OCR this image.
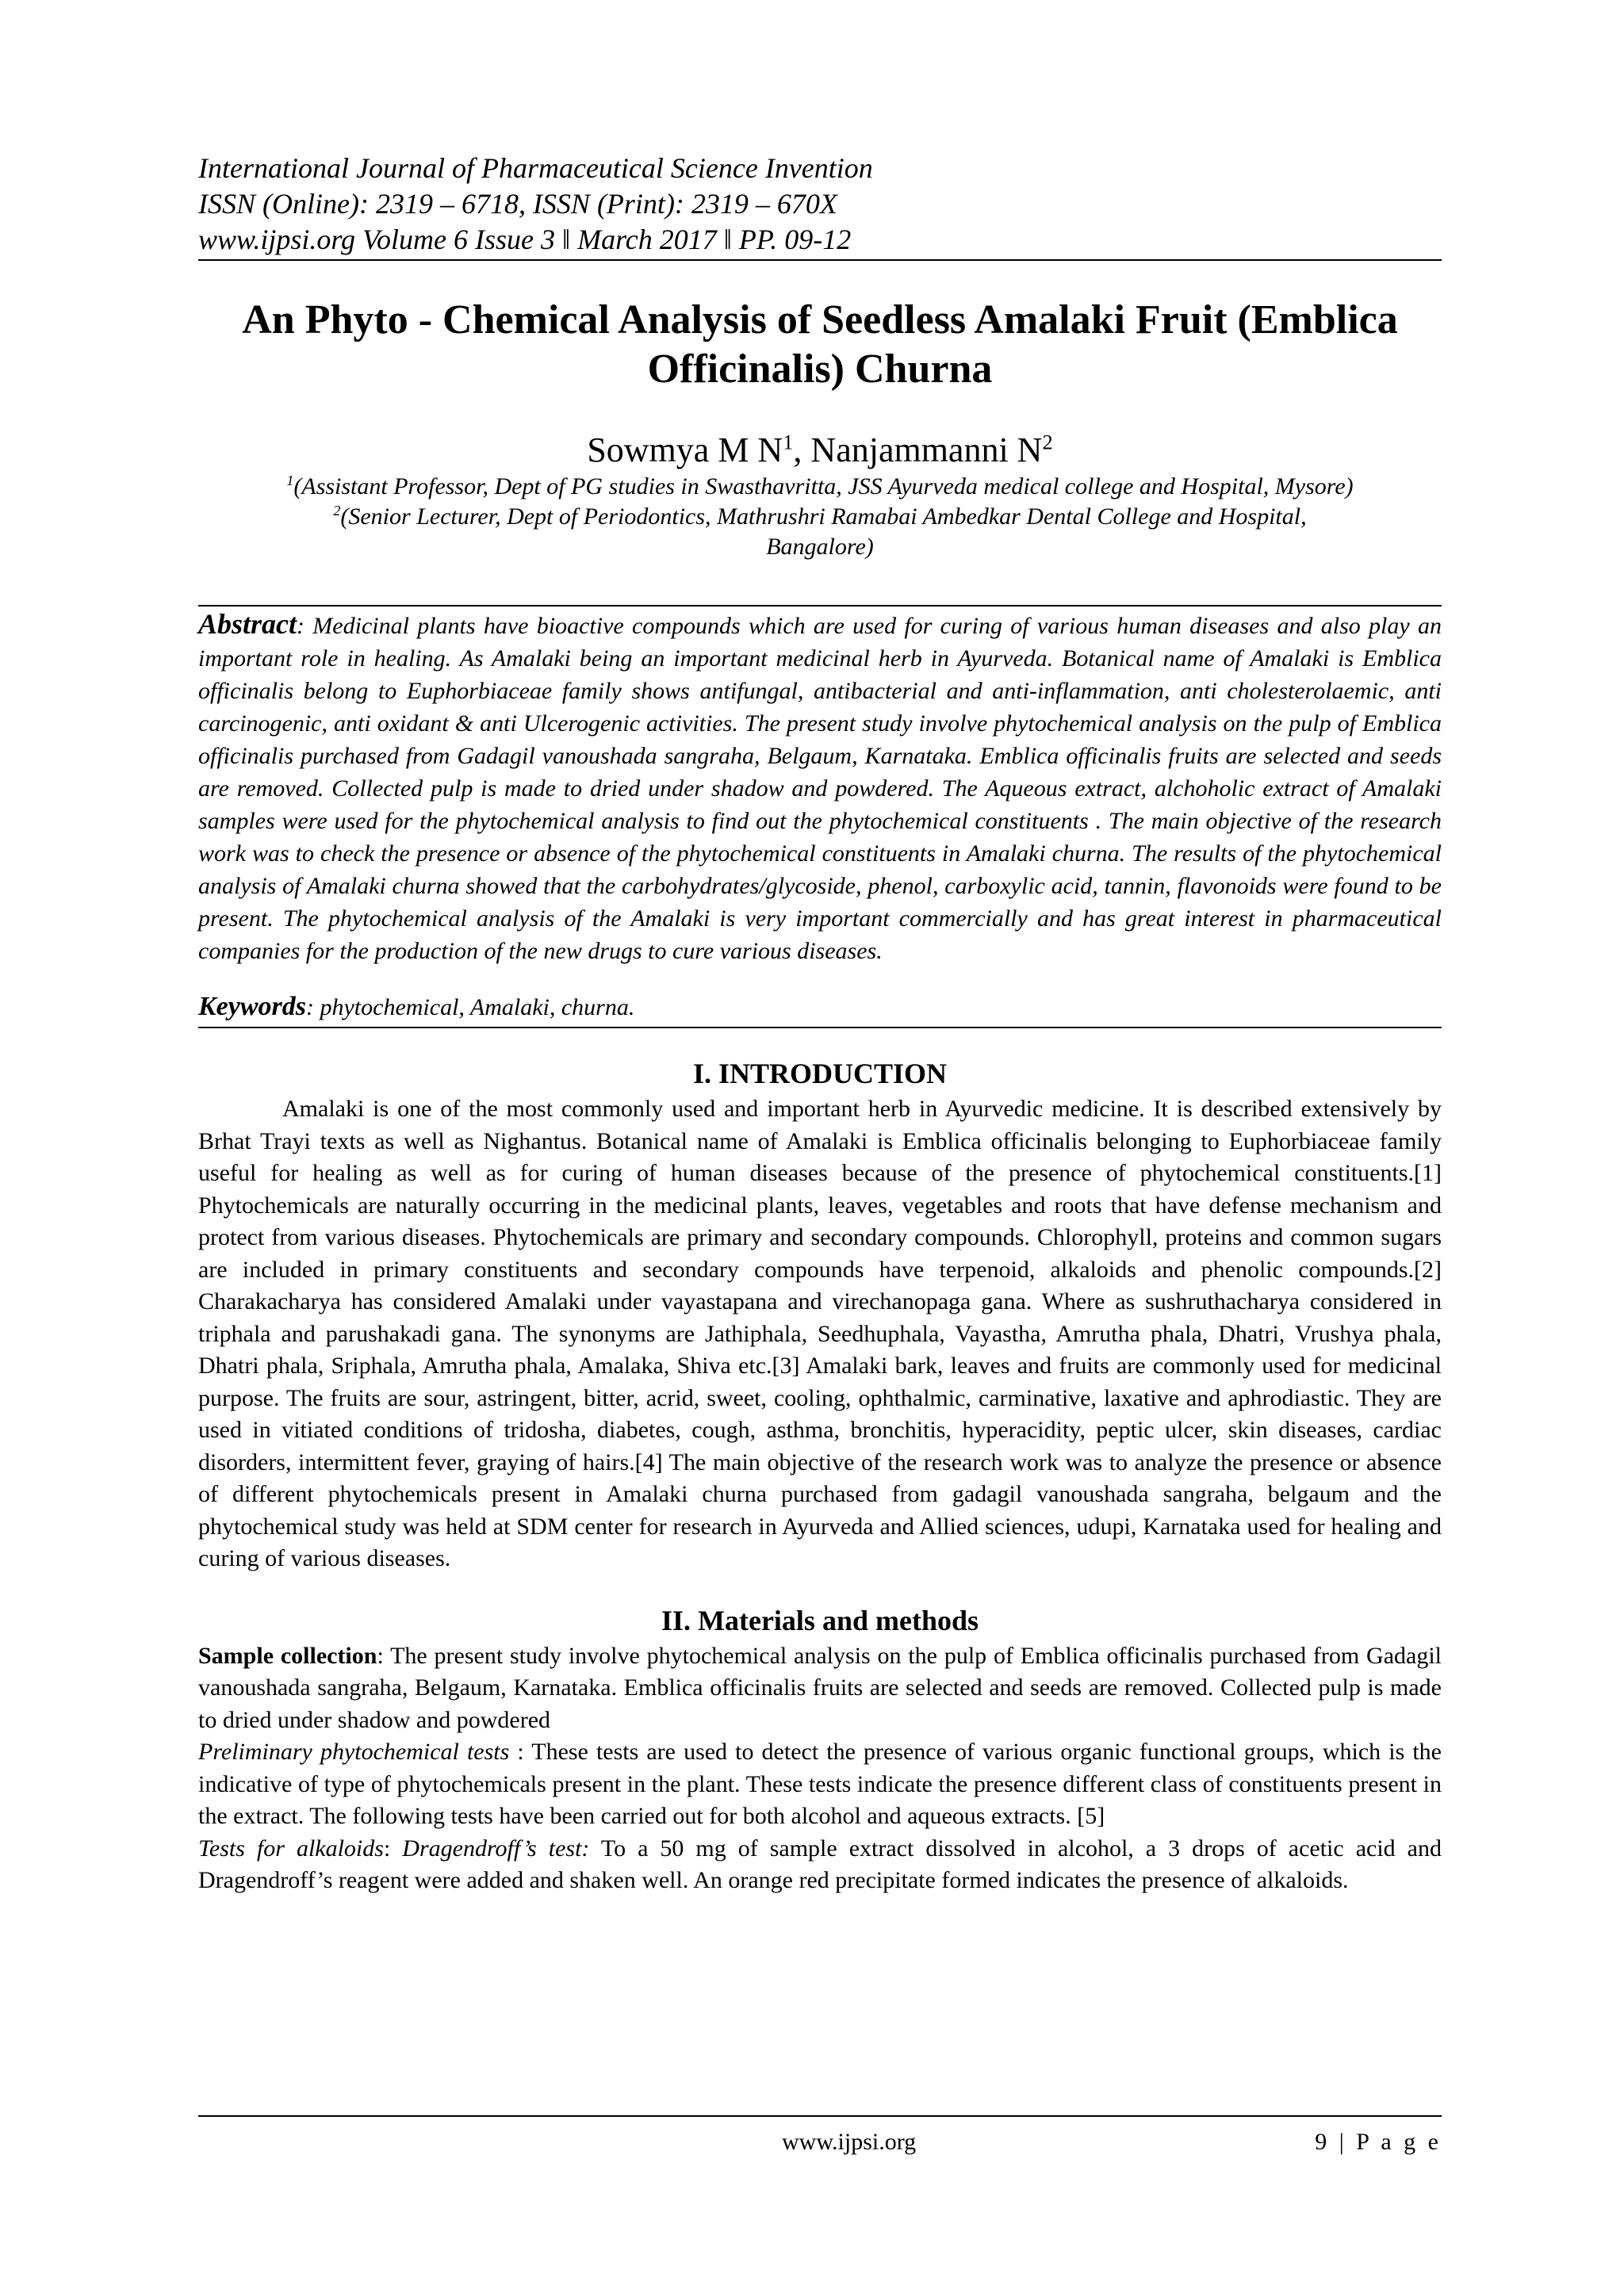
International Journal of Pharmaceutical Science Invention
ISSN (Online): 2319 – 6718, ISSN (Print): 2319 – 670X
www.ijpsi.org Volume 6 Issue 3 ǁ March 2017 ǁ PP. 09-12
An Phyto - Chemical Analysis of Seedless Amalaki Fruit (Emblica
Officinalis) Churna
Sowmya M $N^1$, Nanjammanni $N^2$
$^1$(Assistant Professor, Dept of PG studies in Swasthavritta, JSS Ayurveda medical college and Hospital, Mysore)
$^2$(Senior Lecturer, Dept of Periodontics, Mathrushri Ramabai Ambedkar Dental College and Hospital,
Bangalore)

Abstract: Medicinal plants have bioactive compounds which are used for curing of various human diseases and also play an important role in healing. As Amalaki being an important medicinal herb in Ayurveda. Botanical name of Amalaki is Emblica officinalis belong to Euphorbiaceae family shows antifungal, antibacterial and anti-inflammation, anti cholesterolaemic, anti carcinogenic, anti oxidant & anti Ulcerogenic activities. The present study involve phytochemical analysis on the pulp of Emblica officinalis purchased from Gadagil vanoushada sangraha, Belgaum, Karnataka. Emblica officinalis fruits are selected and seeds are removed. Collected pulp is made to dried under shadow and powdered. The Aqueous extract, alchoholic extract of Amalaki samples were used for the phytochemical analysis to find out the phytochemical constituents . The main objective of the research work was to check the presence or absence of the phytochemical constituents in Amalaki churna. The results of the phytochemical analysis of Amalaki churna showed that the carbohydrates/glycoside, phenol, carboxylic acid, tannin, flavonoids were found to be present. The phytochemical analysis of the Amalaki is very important commercially and has great interest in pharmaceutical companies for the production of the new drugs to cure various diseases.

Keywords: phytochemical, Amalaki, churna.
I. INTRODUCTION

Amalaki is one of the most commonly used and important herb in Ayurvedic medicine. It is described extensively by Brhat Trayi texts as well as Nighantus. Botanical name of Amalaki is Emblica officinalis belonging to Euphorbiaceae family useful for healing as well as for curing of human diseases because of the presence of phytochemical constituents.[1] Phytochemicals are naturally occurring in the medicinal plants, leaves, vegetables and roots that have defense mechanism and protect from various diseases. Phytochemicals are primary and secondary compounds. Chlorophyll, proteins and common sugars are included in primary constituents and secondary compounds have terpenoid, alkaloids and phenolic compounds.[2] Charakacharya has considered Amalaki under vayastapana and virechanopaga gana. Where as sushruthacharya considered in triphala and parushakadi gana. The synonyms are Jathiphala, Seedhuphala, Vayastha, Amrutha phala, Dhatri, Vrushya phala, Dhatri phala, Sriphala, Amrutha phala, Amalaka, Shiva etc.[3] Amalaki bark, leaves and fruits are commonly used for medicinal purpose. The fruits are sour, astringent, bitter, acrid, sweet, cooling, ophthalmic, carminative, laxative and aphrodiastic. They are used in vitiated conditions of tridosha, diabetes, cough, asthma, bronchitis, hyperacidity, peptic ulcer, skin diseases, cardiac disorders, intermittent fever, graying of hairs.[4] The main objective of the research work was to analyze the presence or absence of different phytochemicals present in Amalaki churna purchased from gadagil vanoushada sangraha, belgaum and the phytochemical study was held at SDM center for research in Ayurveda and Allied sciences, udupi, Karnataka used for healing and curing of various diseases.

II. Materials and methods

Sample collection: The present study involve phytochemical analysis on the pulp of Emblica officinalis purchased from Gadagil vanoushada sangraha, Belgaum, Karnataka. Emblica officinalis fruits are selected and seeds are removed. Collected pulp is made to dried under shadow and powdered

Preliminary phytochemical tests : These tests are used to detect the presence of various organic functional groups, which is the indicative of type of phytochemicals present in the plant. These tests indicate the presence different class of constituents present in the extract. The following tests have been carried out for both alcohol and aqueous extracts. [5]

Tests for alkaloids: Dragendroff’s test: To a 50 mg of sample extract dissolved in alcohol, a 3 drops of acetic acid and Dragendroff’s reagent were added and shaken well. An orange red precipitate formed indicates the presence of alkaloids.

www.ijpsi.org	9 | P a g e
